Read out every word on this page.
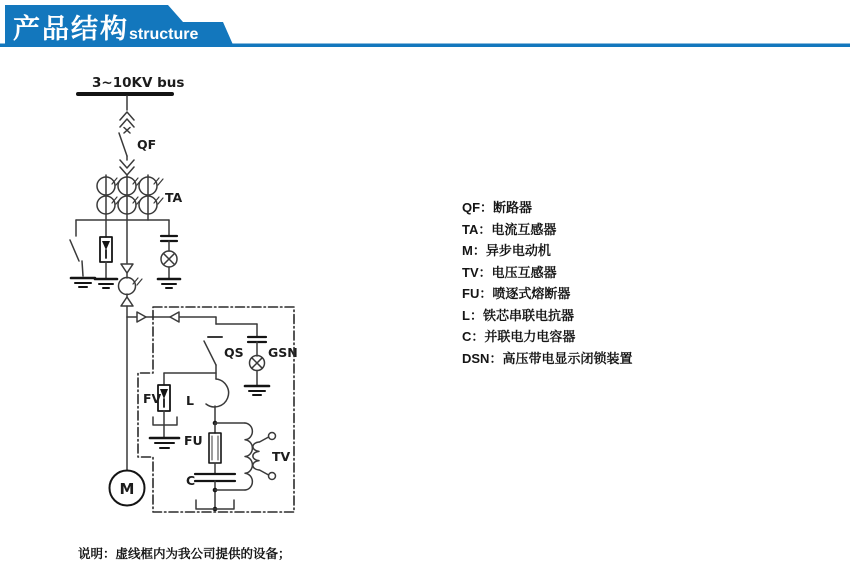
产品结构 structure
3~10KV bus
QF
TA
QS GSN
FV L
FU
C
TV
M
QF：断路器
TA：电流互感器
M：异步电动机
TV：电压互感器
FU：喷逐式熔断器
L：铁芯串联电抗器
C：并联电力电容器
DSN：高压带电显示闭锁装置
说明：虚线框内为我公司提供的设备；
